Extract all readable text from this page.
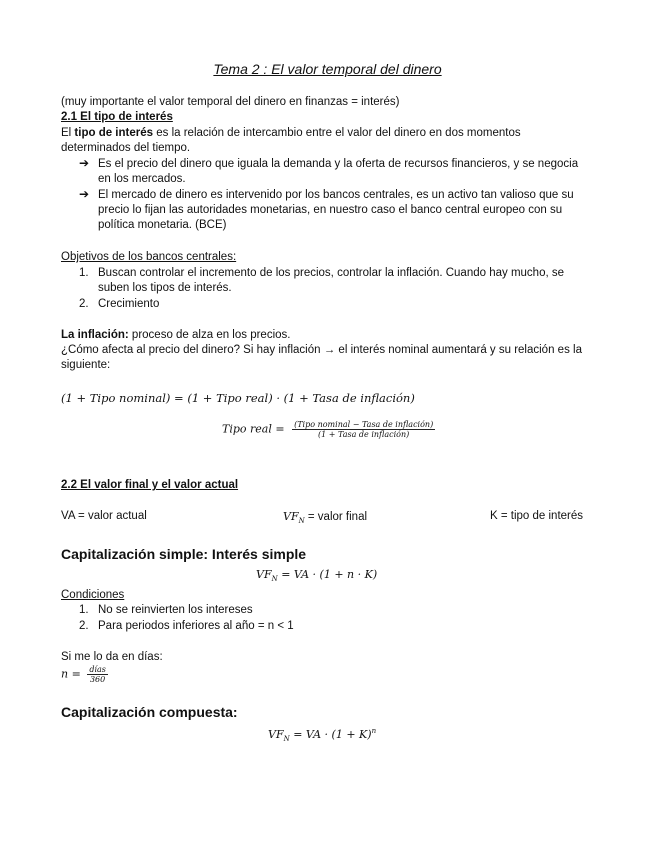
Tema 2 : El valor temporal del dinero
(muy importante el valor temporal del dinero en finanzas = interés)
2.1 El tipo de interés
El tipo de interés es la relación de intercambio entre el valor del dinero en dos momentos
determinados del tiempo.
➔ Es el precio del dinero que iguala la demanda y la oferta de recursos financieros, y se negocia
en los mercados.
➔ El mercado de dinero es intervenido por los bancos centrales, es un activo tan valioso que su
precio lo fijan las autoridades monetarias, en nuestro caso el banco central europeo con su
política monetaria. (BCE)
Objetivos de los bancos centrales:
1. Buscan controlar el incremento de los precios, controlar la inflación. Cuando hay mucho, se
suben los tipos de interés.
2. Crecimiento
La inflación: proceso de alza en los precios.
¿Cómo afecta al precio del dinero? Si hay inflación → el interés nominal aumentará y su relación es la
siguiente:
(1 + Tipo nominal) = (1 + Tipo real) · (1 + Tasa de inflación)
Tipo real = $\frac{\text{(Tipo nominal − Tasa de inflación)}}{\text{(1 + Tasa de inflación)}}$
2.2 El valor final y el valor actual
VA = valor actual	$VF_N$ = valor final	K = tipo de interés
Capitalización simple: Interés simple
$VF_N$ = VA · (1 + n · K)
Condiciones
1. No se reinvierten los intereses
2. Para periodos inferiores al año = n < 1
Si me lo da en días:
$n = \frac{\text{días}}{360}$
Capitalización compuesta:
$VF_N$ = VA · $(1 + K)^n$
